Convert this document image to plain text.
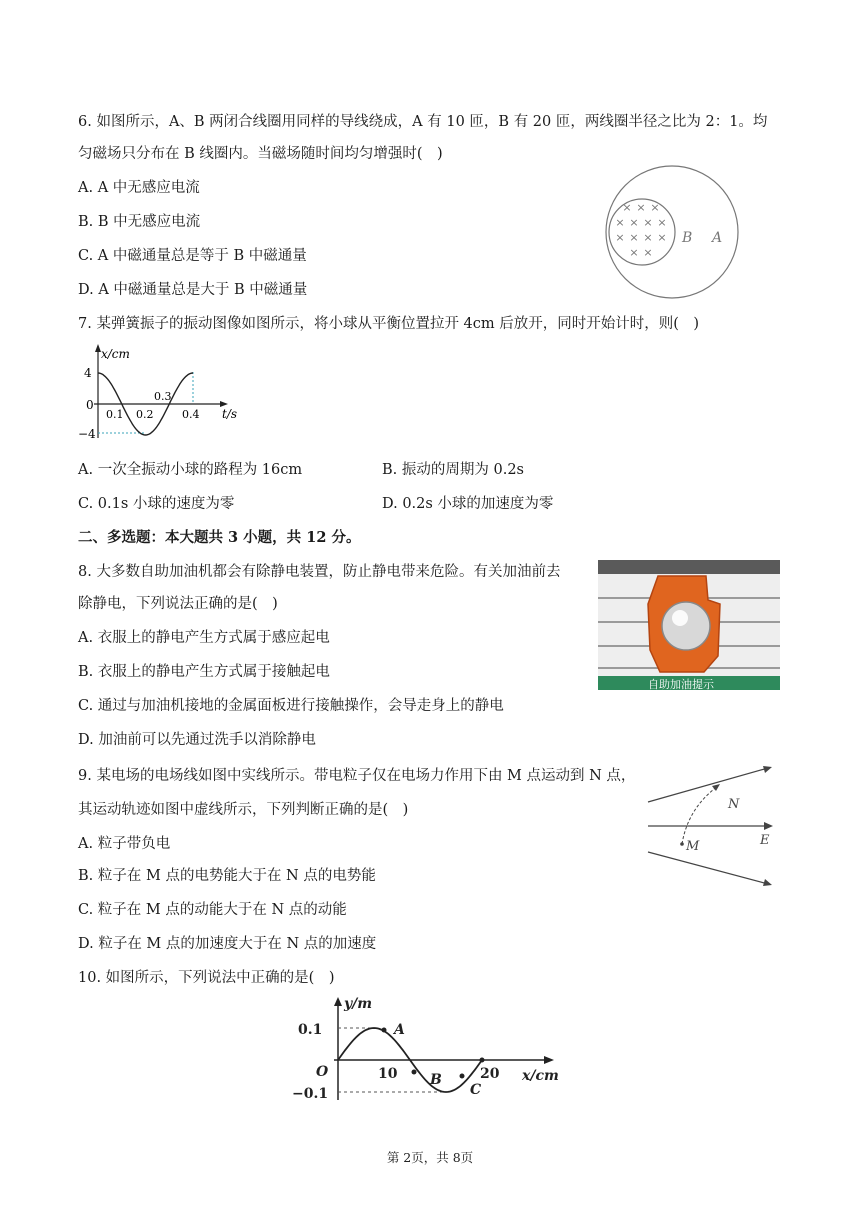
6. 如图所示，A、B 两闭合线圈用同样的导线绕成，A 有 10 匝，B 有 20 匝，两线圈半径之比为 2：1。均
匀磁场只分布在 B 线圈内。当磁场随时间均匀增强时(　)
A. A 中无感应电流
B. B 中无感应电流
C. A 中磁通量总是等于 B 中磁通量
D. A 中磁通量总是大于 B 中磁通量
× × ×
× × × ×
× × × ×
× ×
B A
7. 某弹簧振子的振动图像如图所示，将小球从平衡位置拉开 4cm 后放开，同时开始计时，则(　)
x/cm
t/s
4
−4
0
0.1 0.2
0.3
0.4
A. 一次全振动小球的路程为 16cm	B. 振动的周期为 0.2s
C. 0.1s 小球的速度为零	D. 0.2s 小球的加速度为零
二、多选题：本大题共 3 小题，共 12 分。
8. 大多数自助加油机都会有除静电装置，防止静电带来危险。有关加油前去
除静电，下列说法正确的是(　)
A. 衣服上的静电产生方式属于感应起电
B. 衣服上的静电产生方式属于接触起电
C. 通过与加油机接地的金属面板进行接触操作，会导走身上的静电
D. 加油前可以先通过洗手以消除静电
自助加油提示
9. 某电场的电场线如图中实线所示。带电粒子仅在电场力作用下由 M 点运动到 N 点，
其运动轨迹如图中虚线所示，下列判断正确的是(　)
A. 粒子带负电
B. 粒子在 M 点的电势能大于在 N 点的电势能
C. 粒子在 M 点的动能大于在 N 点的动能
D. 粒子在 M 点的加速度大于在 N 点的加速度
N
M	E
10. 如图所示，下列说法中正确的是(　)
y/m
0.1
−0.1
O	10	20 x/cm
A
B
C
第 2页，共 8页
